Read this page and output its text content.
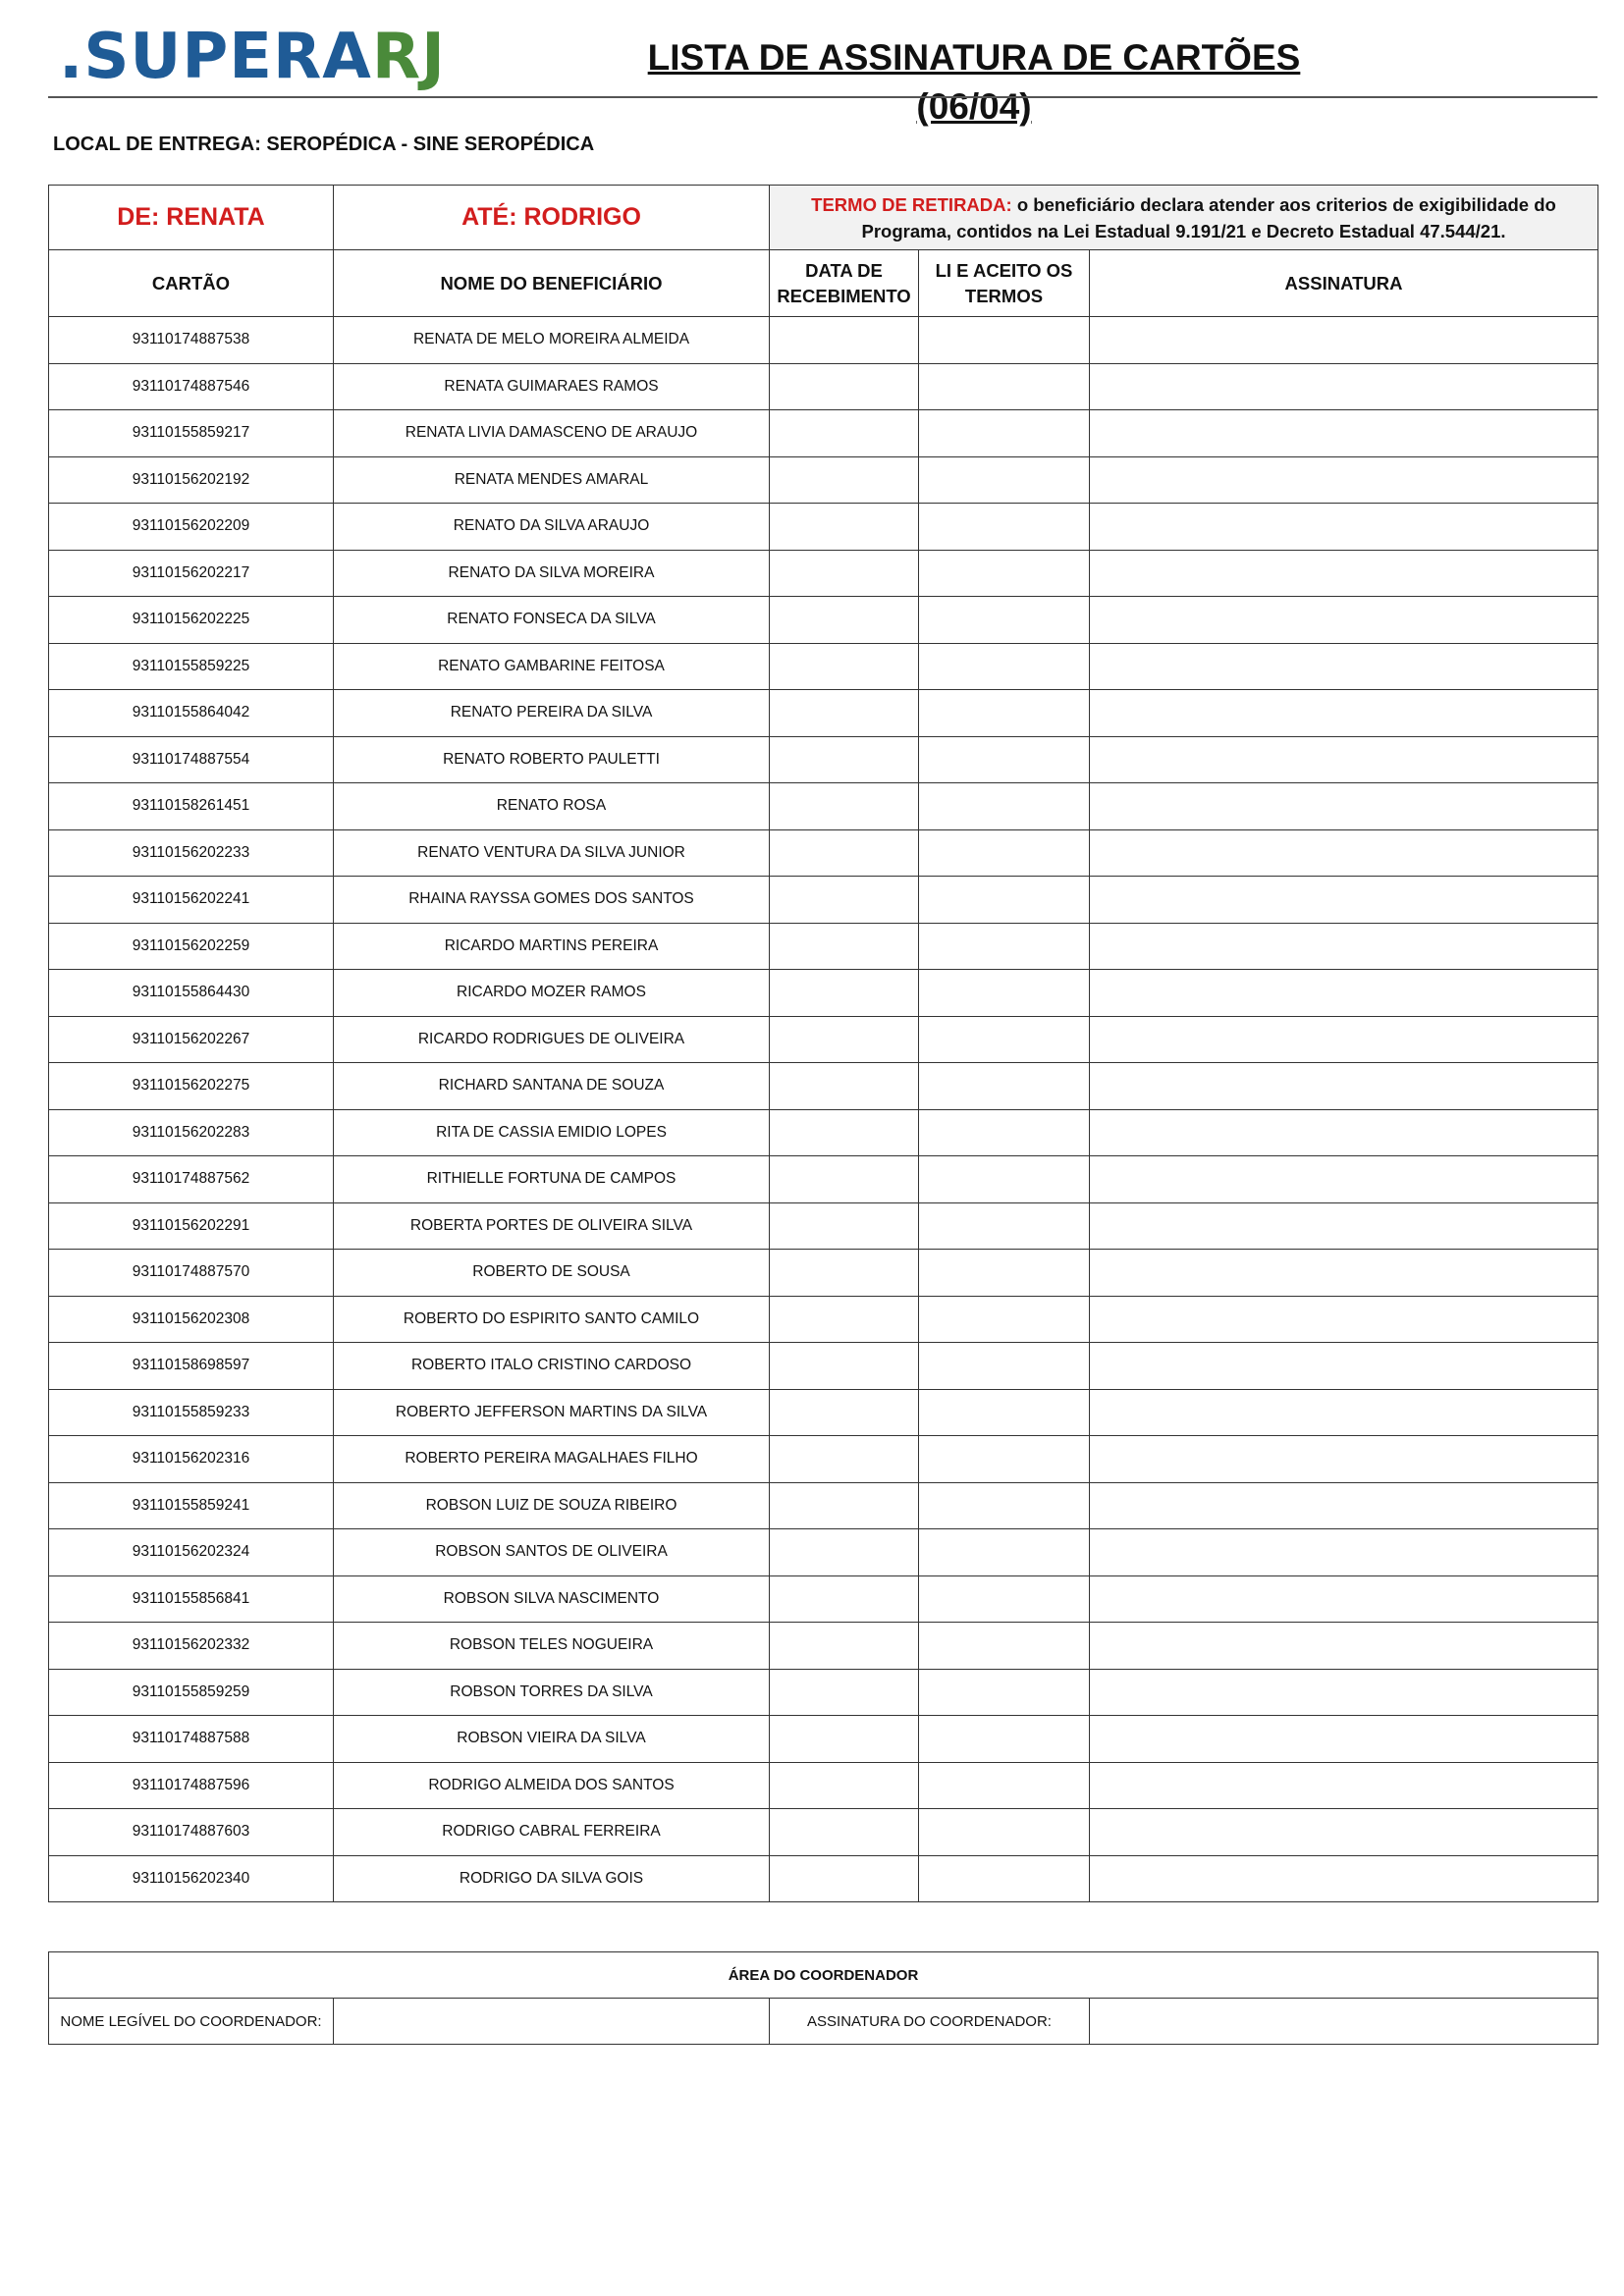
.SUPERARJ	LISTA DE ASSINATURA DE CARTÕES (06/04)
LOCAL DE ENTREGA: SEROPÉDICA - SINE SEROPÉDICA
DE: RENATA	ATÉ: RODRIGO	TERMO DE RETIRADA: o beneficiário declara atender aos criterios de exigibilidade do Programa, contidos na Lei Estadual 9.191/21 e Decreto Estadual 47.544/21.		
CARTÃO	NOME DO BENEFICIÁRIO	DATA DE RECEBIMENTO	LI E ACEITO OS TERMOS	ASSINATURA
93110174887538	RENATA DE MELO MOREIRA ALMEIDA			
93110174887546	RENATA GUIMARAES RAMOS			
93110155859217	RENATA LIVIA DAMASCENO DE ARAUJO			
93110156202192	RENATA MENDES AMARAL			
93110156202209	RENATO DA SILVA ARAUJO			
93110156202217	RENATO DA SILVA MOREIRA			
93110156202225	RENATO FONSECA DA SILVA			
93110155859225	RENATO GAMBARINE FEITOSA			
93110155864042	RENATO PEREIRA DA SILVA			
93110174887554	RENATO ROBERTO PAULETTI			
93110158261451	RENATO ROSA			
93110156202233	RENATO VENTURA DA SILVA JUNIOR			
93110156202241	RHAINA RAYSSA GOMES DOS SANTOS			
93110156202259	RICARDO MARTINS PEREIRA			
93110155864430	RICARDO MOZER RAMOS			
93110156202267	RICARDO RODRIGUES DE OLIVEIRA			
93110156202275	RICHARD SANTANA DE SOUZA			
93110156202283	RITA DE CASSIA EMIDIO LOPES			
93110174887562	RITHIELLE FORTUNA DE CAMPOS			
93110156202291	ROBERTA PORTES DE OLIVEIRA SILVA			
93110174887570	ROBERTO DE SOUSA			
93110156202308	ROBERTO DO ESPIRITO SANTO CAMILO			
93110158698597	ROBERTO ITALO CRISTINO CARDOSO			
93110155859233	ROBERTO JEFFERSON MARTINS DA SILVA			
93110156202316	ROBERTO PEREIRA MAGALHAES FILHO			
93110155859241	ROBSON LUIZ DE SOUZA RIBEIRO			
93110156202324	ROBSON SANTOS DE OLIVEIRA			
93110155856841	ROBSON SILVA NASCIMENTO			
93110156202332	ROBSON TELES NOGUEIRA			
93110155859259	ROBSON TORRES DA SILVA			
93110174887588	ROBSON VIEIRA DA SILVA			
93110174887596	RODRIGO ALMEIDA DOS SANTOS			
93110174887603	RODRIGO CABRAL FERREIRA			
93110156202340	RODRIGO DA SILVA GOIS			
ÁREA DO COORDENADOR
NOME LEGÍVEL DO COORDENADOR:		ASSINATURA DO COORDENADOR:	
